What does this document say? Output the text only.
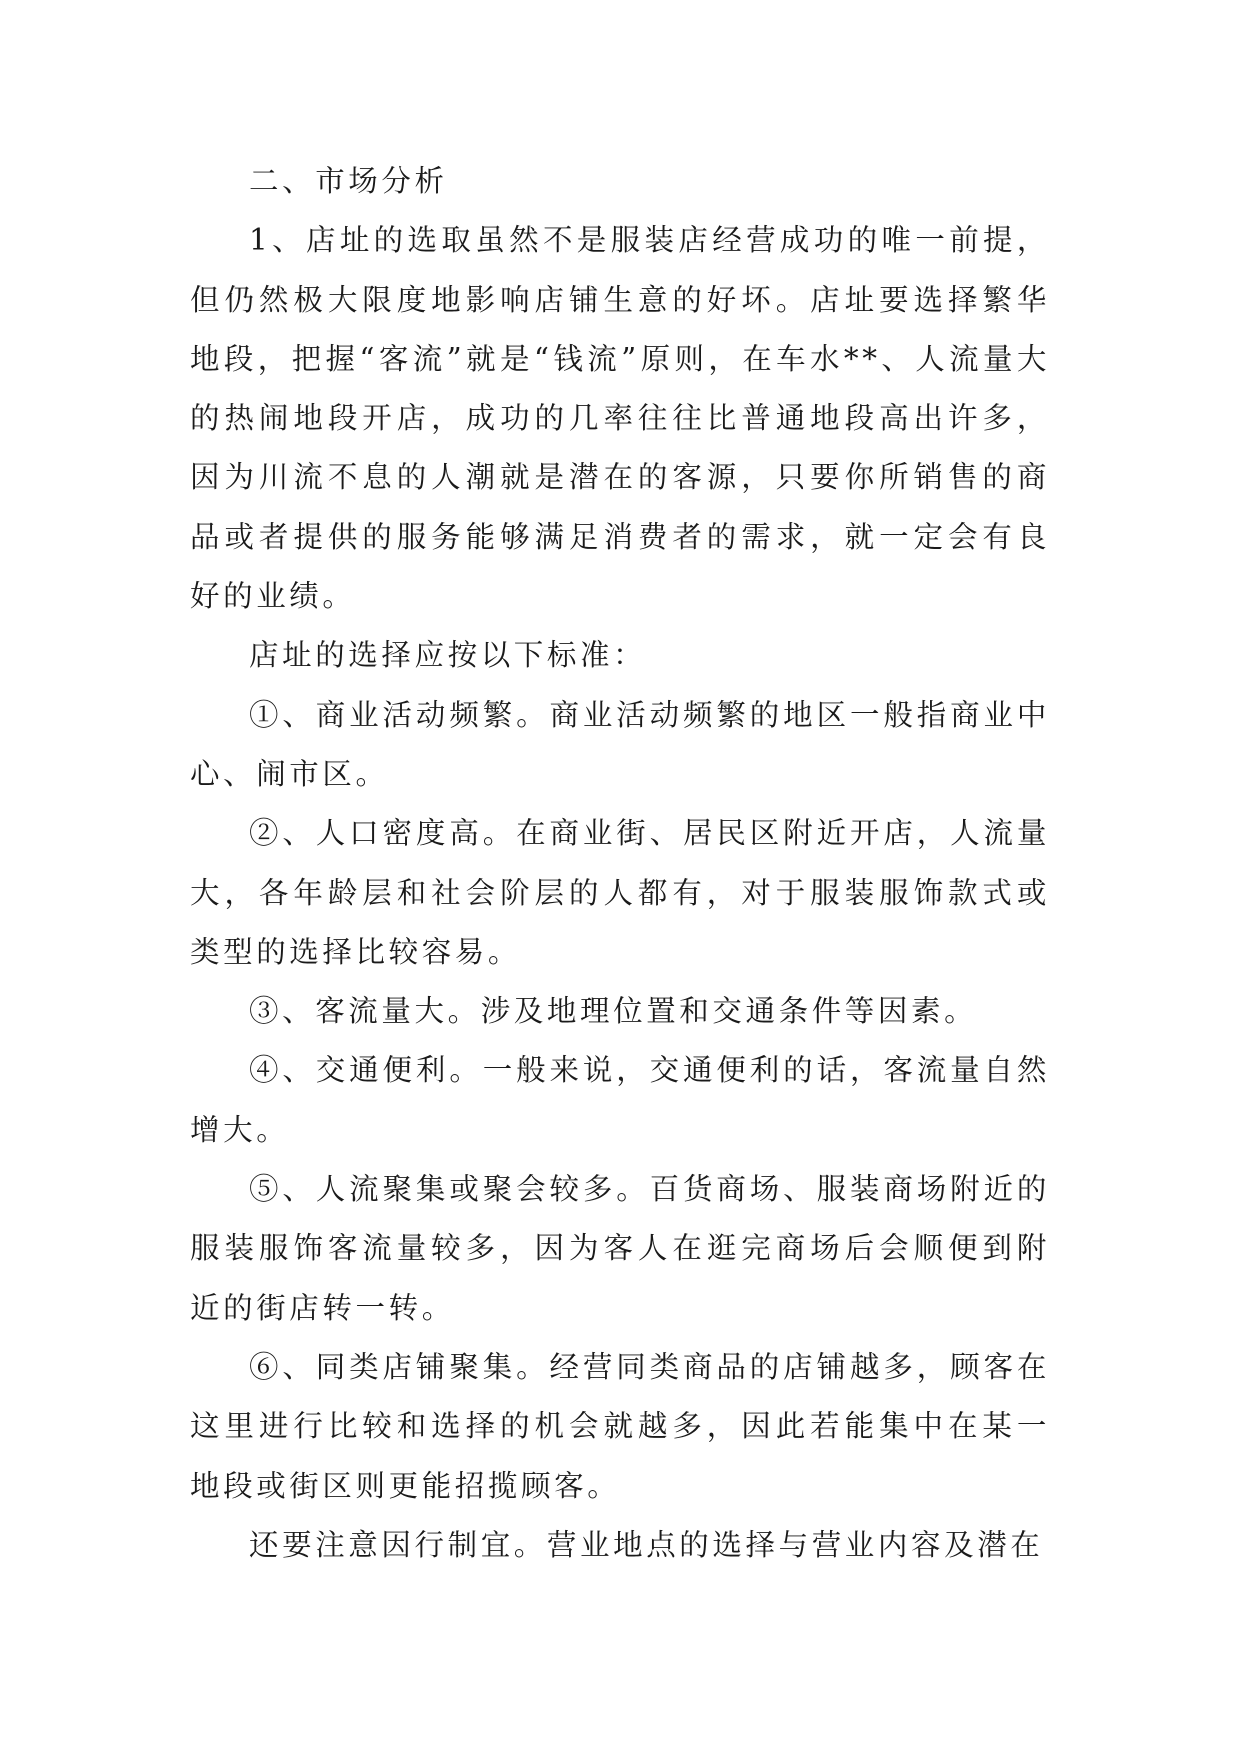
二、市场分析

1、店址的选取虽然不是服装店经营成功的唯一前提，但仍然极大限度地影响店铺生意的好坏。店址要选择繁华地段，把握“客流”就是“钱流”原则，在车水**、人流量大的热闹地段开店，成功的几率往往比普通地段高出许多，因为川流不息的人潮就是潜在的客源，只要你所销售的商品或者提供的服务能够满足消费者的需求，就一定会有良好的业绩。

店址的选择应按以下标准：

①、商业活动频繁。商业活动频繁的地区一般指商业中心、闹市区。

②、人口密度高。在商业街、居民区附近开店，人流量大，各年龄层和社会阶层的人都有，对于服装服饰款式或类型的选择比较容易。

③、客流量大。涉及地理位置和交通条件等因素。

④、交通便利。一般来说，交通便利的话，客流量自然增大。

⑤、人流聚集或聚会较多。百货商场、服装商场附近的服装服饰客流量较多，因为客人在逛完商场后会顺便到附近的街店转一转。

⑥、同类店铺聚集。经营同类商品的店铺越多，顾客在这里进行比较和选择的机会就越多，因此若能集中在某一地段或街区则更能招揽顾客。

还要注意因行制宜。营业地点的选择与营业内容及潜在
